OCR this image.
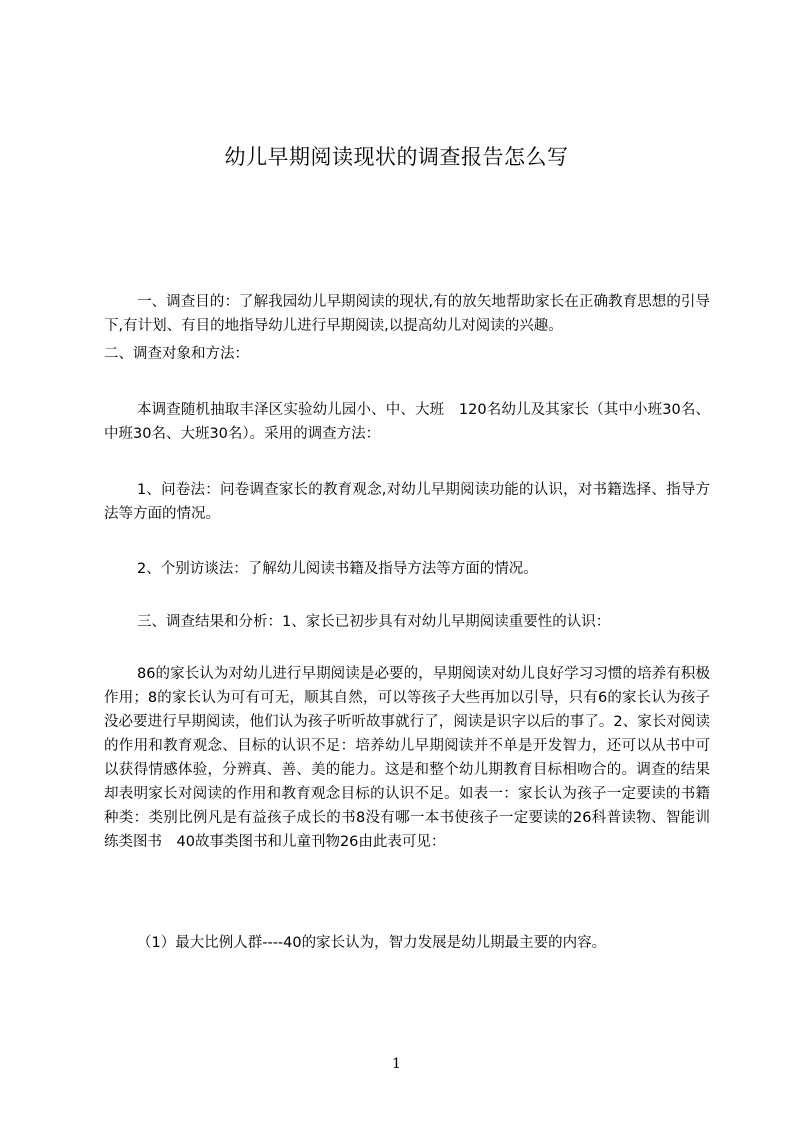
幼儿早期阅读现状的调查报告怎么写
一、调查目的：了解我园幼儿早期阅读的现状,有的放矢地帮助家长在正确教育思想的引导下,有计划、有目的地指导幼儿进行早期阅读,以提高幼儿对阅读的兴趣。
二、调查对象和方法：
本调查随机抽取丰泽区实验幼儿园小、中、大班　120名幼儿及其家长（其中小班30名、中班30名、大班30名）。采用的调查方法：
1、问卷法：问卷调查家长的教育观念,对幼儿早期阅读功能的认识，对书籍选择、指导方法等方面的情况。
2、个别访谈法：了解幼儿阅读书籍及指导方法等方面的情况。
三、调查结果和分析：1、家长已初步具有对幼儿早期阅读重要性的认识：
86的家长认为对幼儿进行早期阅读是必要的，早期阅读对幼儿良好学习习惯的培养有积极作用；8的家长认为可有可无，顺其自然，可以等孩子大些再加以引导，只有6的家长认为孩子没必要进行早期阅读，他们认为孩子听听故事就行了，阅读是识字以后的事了。2、家长对阅读的作用和教育观念、目标的认识不足：培养幼儿早期阅读并不单是开发智力，还可以从书中可以获得情感体验，分辨真、善、美的能力。这是和整个幼儿期教育目标相吻合的。调查的结果却表明家长对阅读的作用和教育观念目标的认识不足。如表一：家长认为孩子一定要读的书籍种类：类别比例凡是有益孩子成长的书8没有哪一本书使孩子一定要读的26科普读物、智能训练类图书　40故事类图书和儿童刊物26由此表可见：
（1）最大比例人群----40的家长认为，智力发展是幼儿期最主要的内容。
1
